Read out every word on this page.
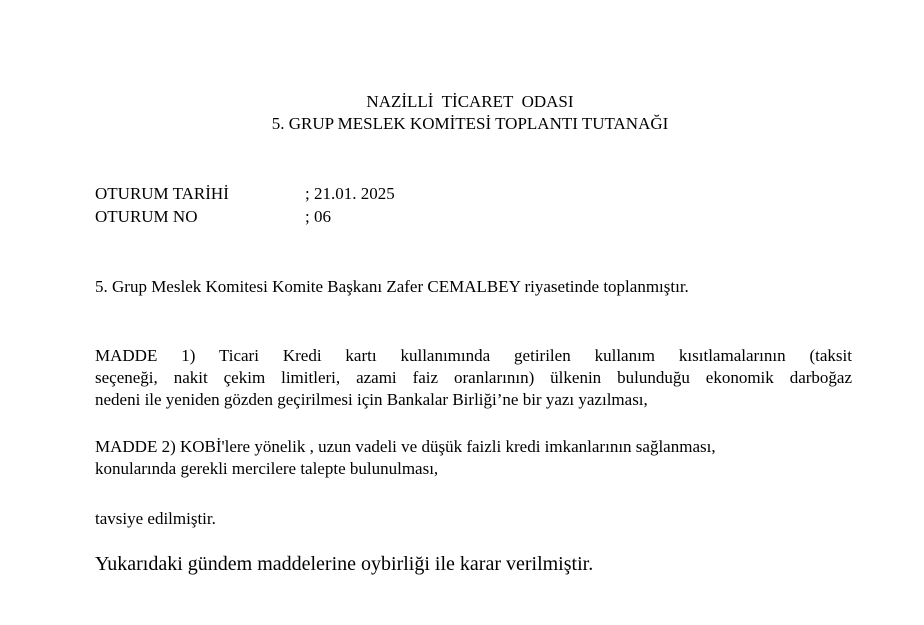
NAZİLLİ  TİCARET  ODASI
5. GRUP MESLEK KOMİTESİ TOPLANTI TUTANAĞI
OTURUM TARİHİ	; 21.01. 2025
OTURUM NO	; 06
5. Grup Meslek Komitesi Komite Başkanı Zafer CEMALBEY riyasetinde toplanmıştır.
MADDE 1) Ticari Kredi kartı kullanımında getirilen kullanım kısıtlamalarının (taksit
seçeneği, nakit çekim limitleri, azami faiz oranlarının) ülkenin bulunduğu ekonomik darboğaz
nedeni ile yeniden gözden geçirilmesi için Bankalar Birliği’ne bir yazı yazılması,
MADDE 2) KOBİ'lere yönelik , uzun vadeli ve düşük faizli kredi imkanlarının sağlanması,
konularında gerekli mercilere talepte bulunulması,
tavsiye edilmiştir.
Yukarıdaki gündem maddelerine oybirliği ile karar verilmiştir.
